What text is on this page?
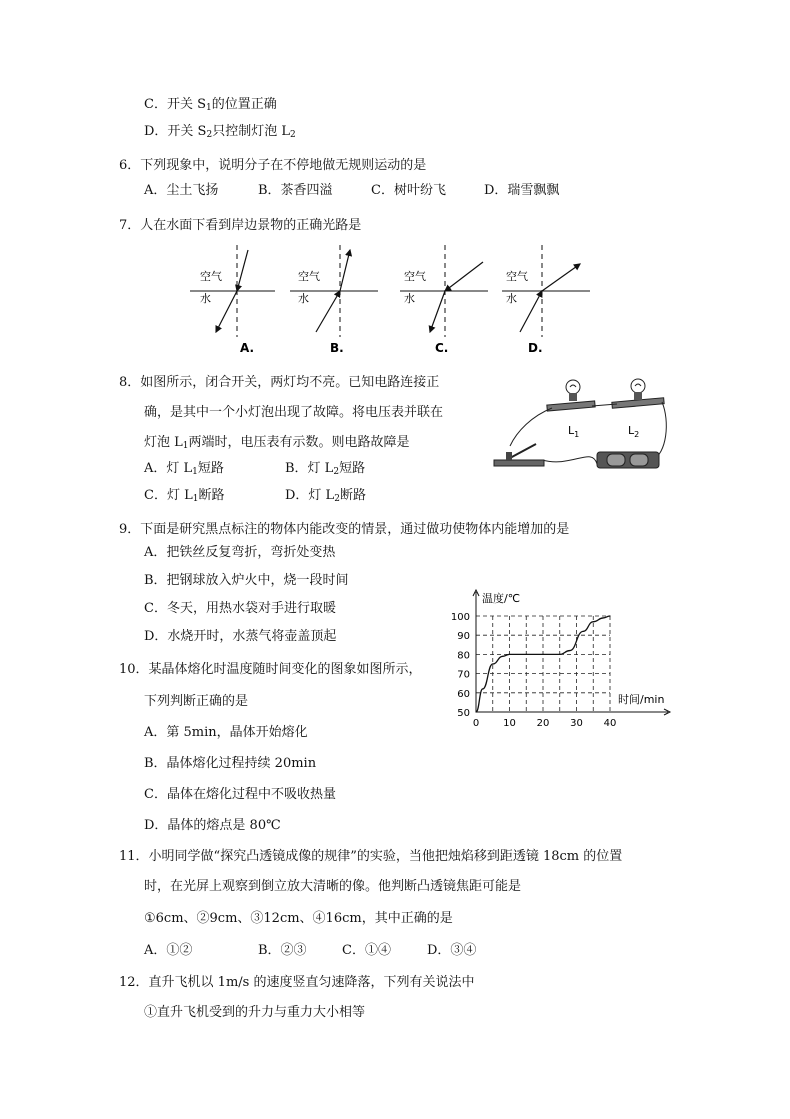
C．开关 $S_1$的位置正确
D．开关 $S_2$只控制灯泡 $L_2$
6．下列现象中，说明分子在不停地做无规则运动的是
A．尘土飞扬	B．茶香四溢	C．树叶纷飞	D．瑞雪飘飘
7．人在水面下看到岸边景物的正确光路是
空气
水
空气
水
空气
水
空气
水
A.	B.	C.	D.
8．如图所示，闭合开关，两灯均不亮。已知电路连接正
确，是其中一个小灯泡出现了故障。将电压表并联在
灯泡 $L_1$两端时，电压表有示数。则电路故障是
A．灯 $L_1$短路	B．灯 $L_2$短路
C．灯 $L_1$断路	D．灯 $L_2$断路
$L_1$	$L_2$
9．下面是研究黑点标注的物体内能改变的情景，通过做功使物体内能增加的是
A．把铁丝反复弯折，弯折处变热
B．把钢球放入炉火中，烧一段时间
C．冬天，用热水袋对手进行取暖
D．水烧开时，水蒸气将壶盖顶起
10．某晶体熔化时温度随时间变化的图象如图所示，
下列判断正确的是
A．第 5min，晶体开始熔化
B．晶体熔化过程持续 20min
C．晶体在熔化过程中不吸收热量
D．晶体的熔点是 80℃
0 10 20 30 40
50
60
70
80
90
100
温度/℃
时间/min
11．小明同学做“探究凸透镜成像的规律”的实验，当他把烛焰移到距透镜 18cm 的位置
时，在光屏上观察到倒立放大清晰的像。他判断凸透镜焦距可能是
①6cm、②9cm、③12cm、④16cm，其中正确的是
A．①②	B．②③	C．①④	D．③④
12．直升飞机以 1m/s 的速度竖直匀速降落，下列有关说法中
①直升飞机受到的升力与重力大小相等
